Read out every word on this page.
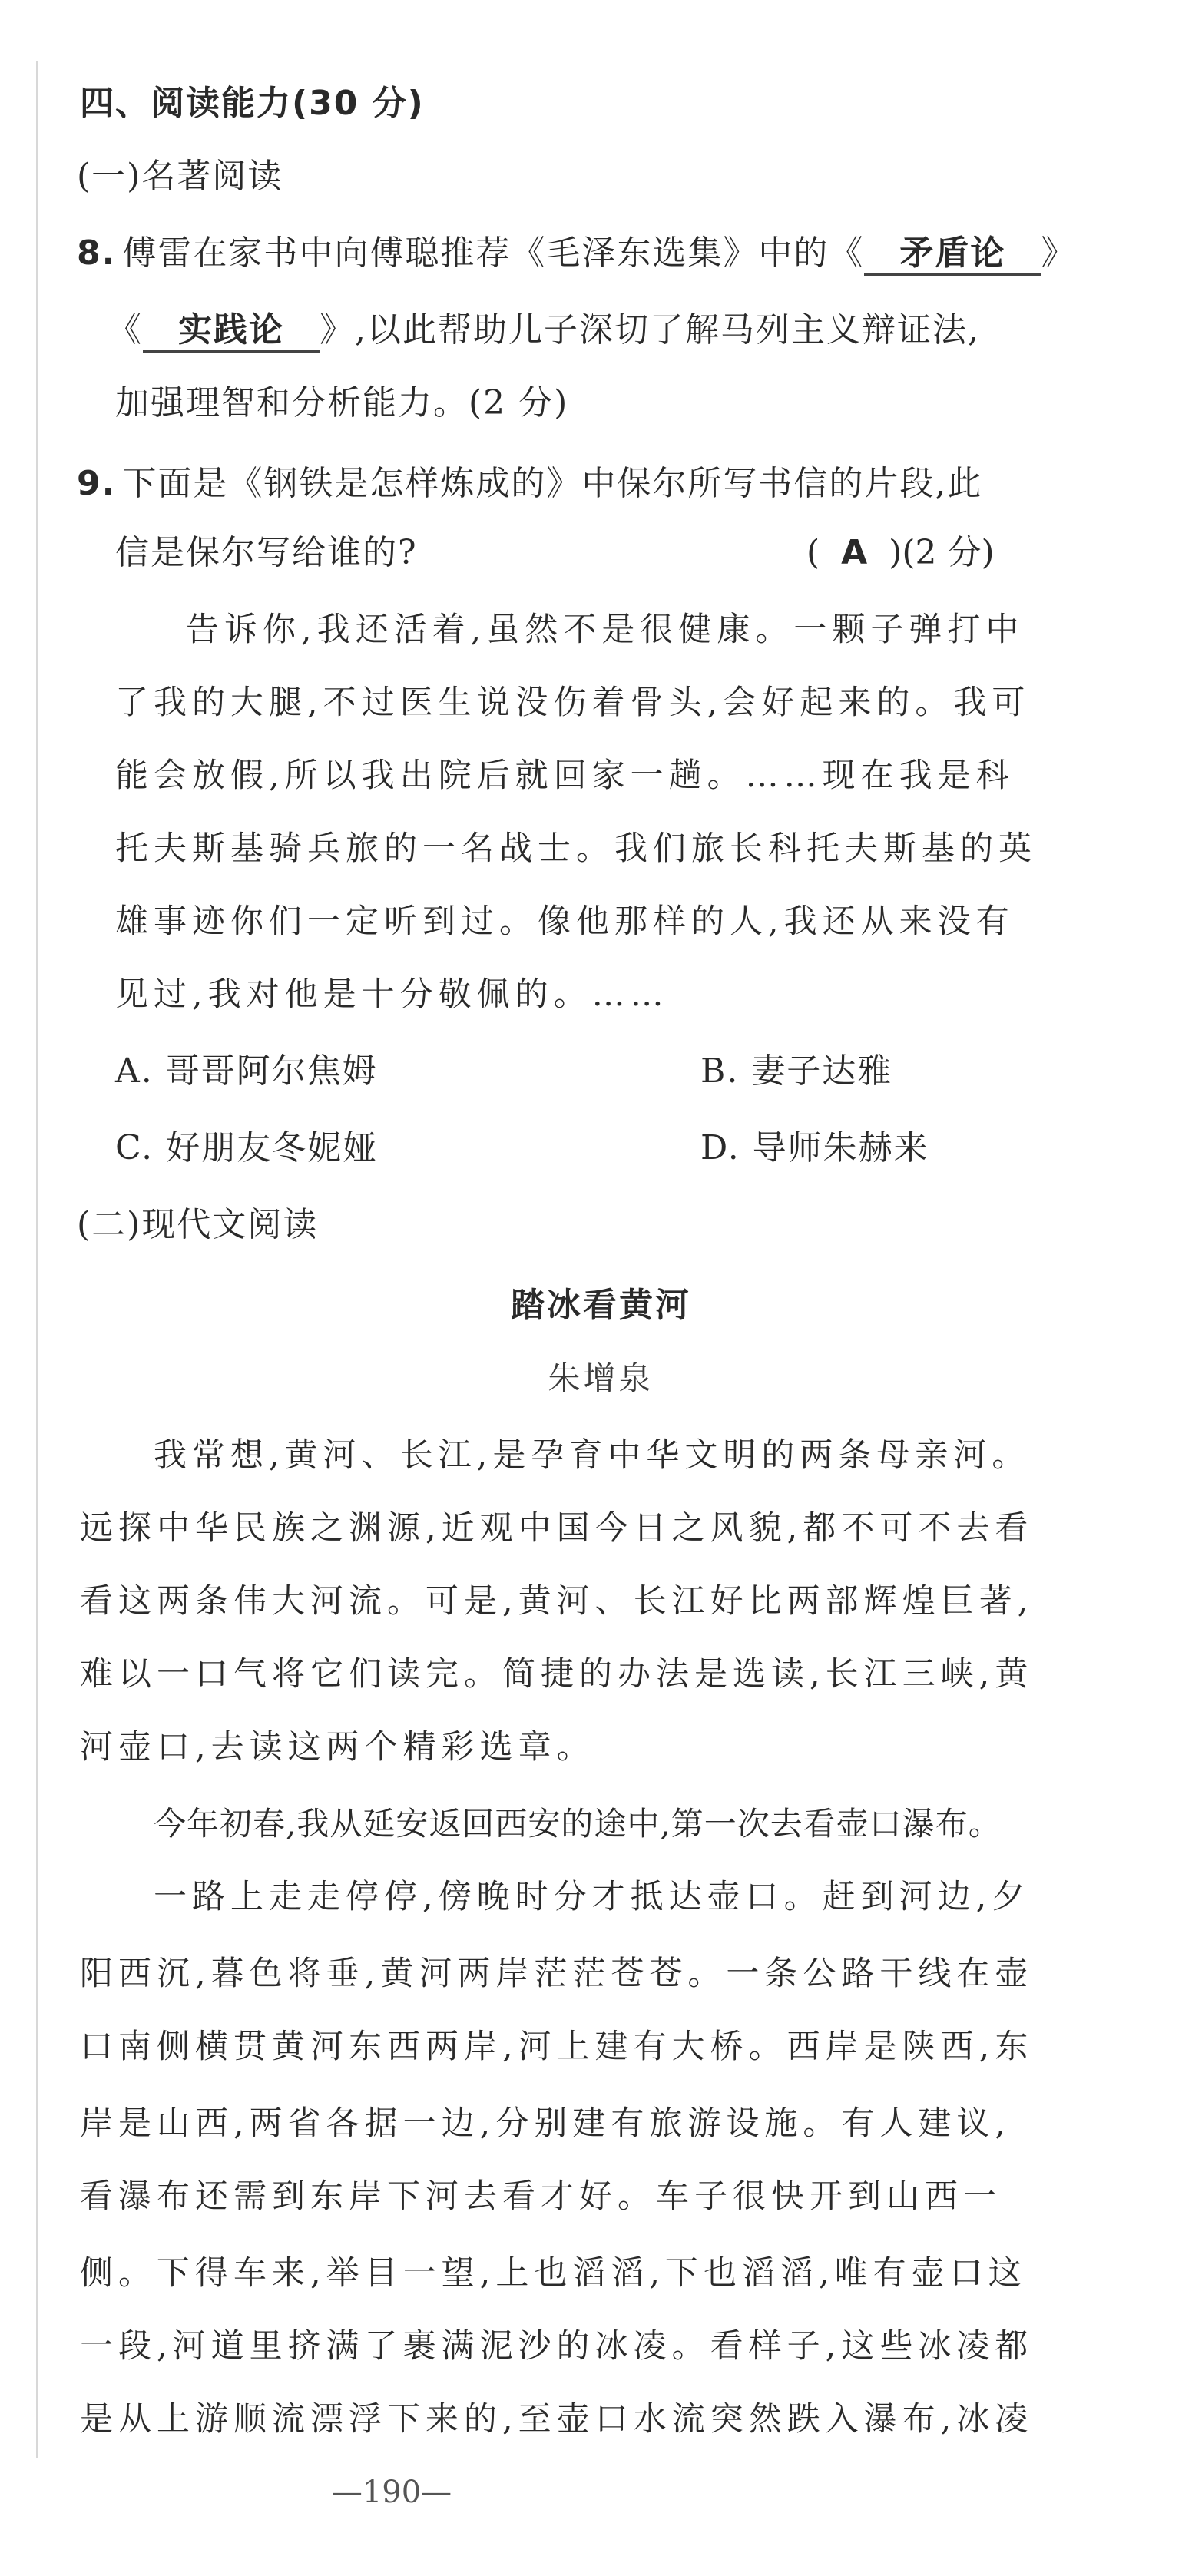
四、阅读能力(30 分)
(一)名著阅读
8. 傅雷在家书中向傅聪推荐《毛泽东选集》中的《 矛盾论 》
《 实践论 》,以此帮助儿子深切了解马列主义辩证法,
加强理智和分析能力。(2 分)
9. 下面是《钢铁是怎样炼成的》中保尔所写书信的片段,此
信是保尔写给谁的?	( A )(2 分)
告诉你,我还活着,虽然不是很健康。一颗子弹打中
了我的大腿,不过医生说没伤着骨头,会好起来的。我可
能会放假,所以我出院后就回家一趟。……现在我是科
托夫斯基骑兵旅的一名战士。我们旅长科托夫斯基的英
雄事迹你们一定听到过。像他那样的人,我还从来没有
见过,我对他是十分敬佩的。……
A. 哥哥阿尔焦姆	B. 妻子达雅
C. 好朋友冬妮娅	D. 导师朱赫来
(二)现代文阅读
踏冰看黄河
朱增泉
我常想,黄河、长江,是孕育中华文明的两条母亲河。
远探中华民族之渊源,近观中国今日之风貌,都不可不去看
看这两条伟大河流。可是,黄河、长江好比两部辉煌巨著,
难以一口气将它们读完。简捷的办法是选读,长江三峡,黄
河壶口,去读这两个精彩选章。
今年初春,我从延安返回西安的途中,第一次去看壶口瀑布。
一路上走走停停,傍晚时分才抵达壶口。赶到河边,夕
阳西沉,暮色将垂,黄河两岸茫茫苍苍。一条公路干线在壶
口南侧横贯黄河东西两岸,河上建有大桥。西岸是陕西,东
岸是山西,两省各据一边,分别建有旅游设施。有人建议,
看瀑布还需到东岸下河去看才好。车子很快开到山西一
侧。下得车来,举目一望,上也滔滔,下也滔滔,唯有壶口这
一段,河道里挤满了裹满泥沙的冰凌。看样子,这些冰凌都
是从上游顺流漂浮下来的,至壶口水流突然跌入瀑布,冰凌
—190—
